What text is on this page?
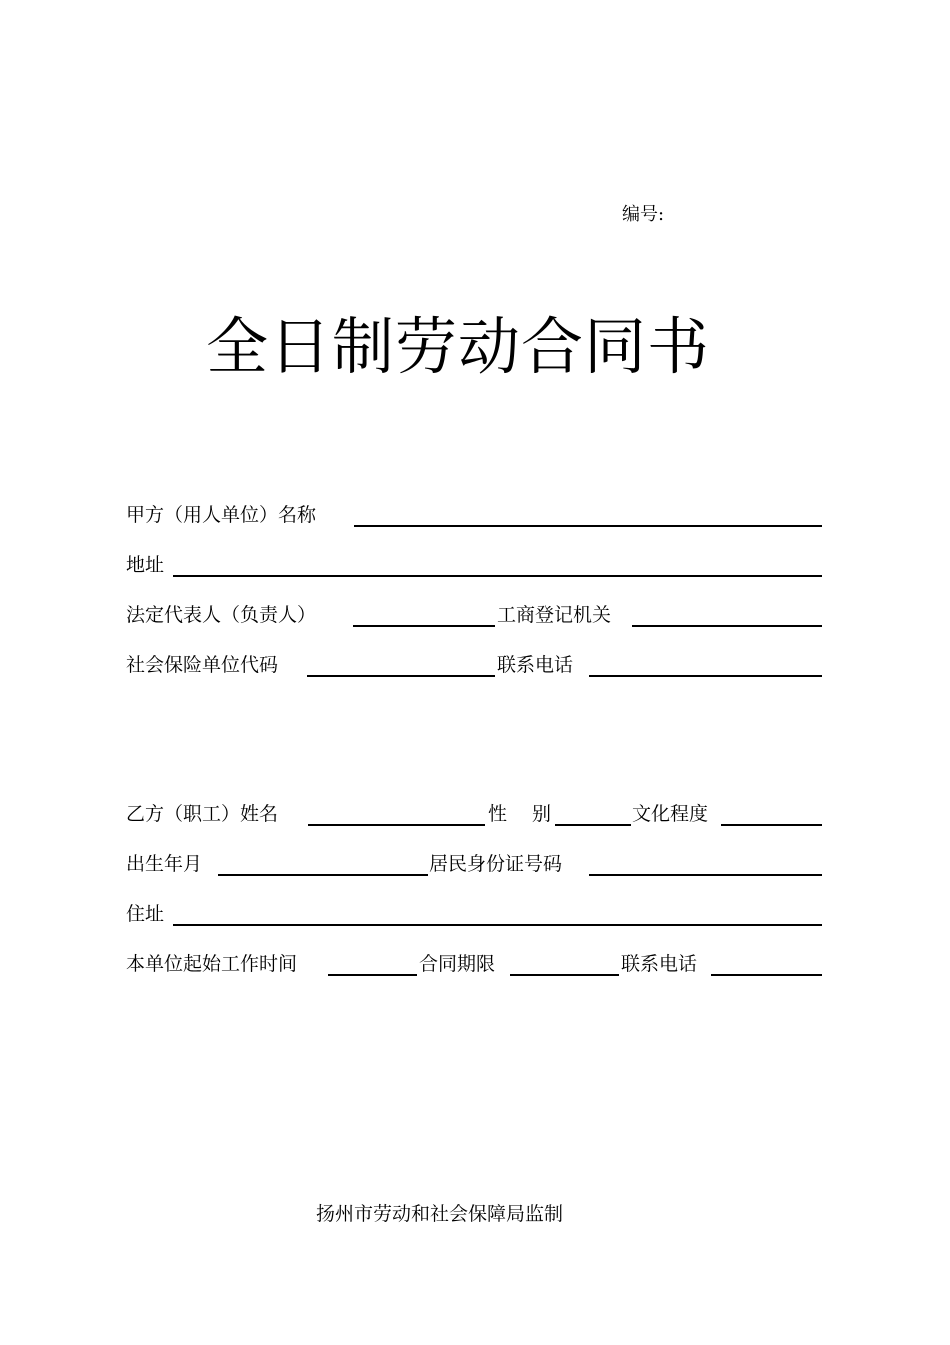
编号:
全日制劳动合同书
甲方（用人单位）名称
地址
法定代表人（负责人）	工商登记机关
社会保险单位代码	联系电话
乙方（职工）姓名	性　 别	文化程度
出生年月	居民身份证号码
住址
本单位起始工作时间	合同期限	联系电话
扬州市劳动和社会保障局监制
